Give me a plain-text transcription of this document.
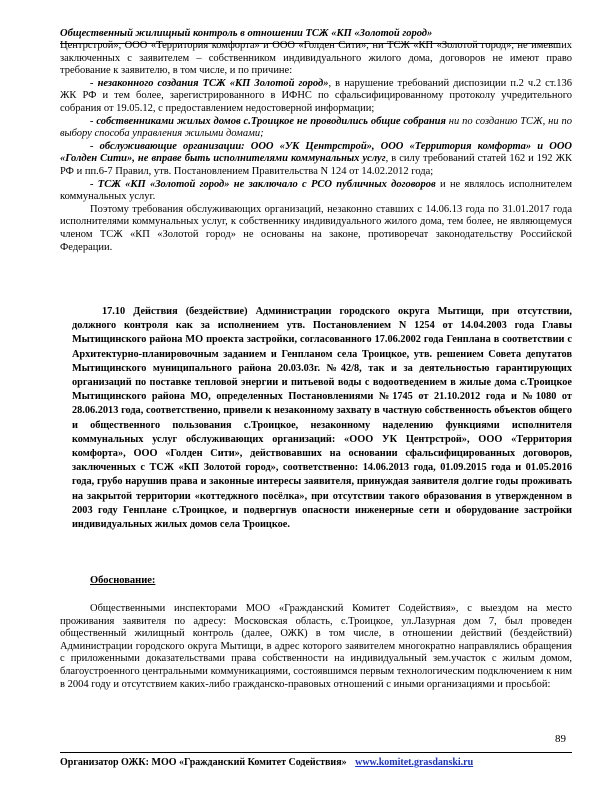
Общественный жилищный контроль в отношении ТСЖ «КП «Золотой город»

Центрстрой», ООО «Территория комфорта» и ООО «Голден Сити», ни ТСЖ «КП «Золотой город», не имевших заключенных с заявителем – собственником индивидуального жилого дома, договоров не имеют право требование к заявителю, в том числе, и по причине:

- незаконного создания ТСЖ «КП Золотой город», в нарушение требований диспозиции п.2 ч.2 ст.136 ЖК РФ и тем более, зарегистрированного в ИФНС по сфальсифицированному протоколу учредительного собрания от 19.05.12, с предоставлением недостоверной информации;

- собственниками жилых домов с.Троицкое не проводились общие собрания ни по созданию ТСЖ, ни по выбору способа управления жилыми домами;

- обслуживающие организации: ООО «УК Центрстрой», ООО «Территория комфорта» и ООО «Голден Сити», не вправе быть исполнителями коммунальных услуг, в силу требований статей 162 и 192 ЖК РФ и пп.6-7 Правил, утв. Постановлением Правительства N 124 от 14.02.2012 года;

- ТСЖ «КП «Золотой город» не заключало с РСО публичных договоров и не являлось исполнителем коммунальных услуг.

Поэтому требования обслуживающих организаций, незаконно ставших с 14.06.13 года по 31.01.2017 года исполнителями коммунальных услуг, к собственнику индивидуального жилого дома, тем более, не являющемуся членом ТСЖ «КП «Золотой город» не основаны на законе, противоречат законодательству Российской Федерации.

17.10 Действия (бездействие) Администрации городского округа Мытищи, при отсутствии, должного контроля как за исполнением утв. Постановлением N 1254 от 14.04.2003 года Главы Мытищинского района МО проекта застройки, согласованного 17.06.2002 года Генплана в соответствии с Архитектурно-планировочным заданием и Генпланом села Троицкое, утв. решением Совета депутатов Мытищинского муниципального района 20.03.03г. №42/8, так и за деятельностью гарантирующих организаций по поставке тепловой энергии и питьевой воды с водоотведением в жилые дома с.Троицкое Мытищинского района МО, определенных Постановлениями №1745 от 21.10.2012 года и №1080 от 28.06.2013 года, соответственно, привели к незаконному захвату в частную собственность объектов общего и общественного пользования с.Троицкое, незаконному наделению функциями исполнителя коммунальных услуг обслуживающих организаций: «ООО УК Центрстрой», ООО «Территория комфорта», ООО «Голден Сити», действовавших на основании сфальсифицированных договоров, заключенных с ТСЖ «КП Золотой город», соответственно: 14.06.2013 года, 01.09.2015 года и 01.05.2016 года, грубо нарушив права и законные интересы заявителя, принуждая заявителя долгие годы проживать на закрытой территории «коттеджного посёлка», при отсутствии такого образования в утвержденном в 2003 году Генплане с.Троицкое, и подвергнув опасности инженерные сети и оборудование застройки индивидуальных жилых домов села Троицкое.

Обоснование:

Общественными инспекторами МОО «Гражданский Комитет Содействия», с выездом на место проживания заявителя по адресу: Московская область, с.Троицкое, ул.Лазурная дом 7, был проведен общественный жилищный контроль (далее, ОЖК) в том числе, в отношении действий (бездействий) Администрации городского округа Мытищи, в адрес которого заявителем многократно направлялись обращения с приложенными доказательствами права собственности на индивидуальный зем.участок с жилым домом, благоустроенного центральными коммуникациями, состоявшимся первым технологическим подключением к ним в 2004 году и отсутствием каких-либо гражданско-правовых отношений с иными организациями и просьбой:

89
Организатор ОЖК: МОО «Гражданский Комитет Содействия» www.komitet.grasdanski.ru
